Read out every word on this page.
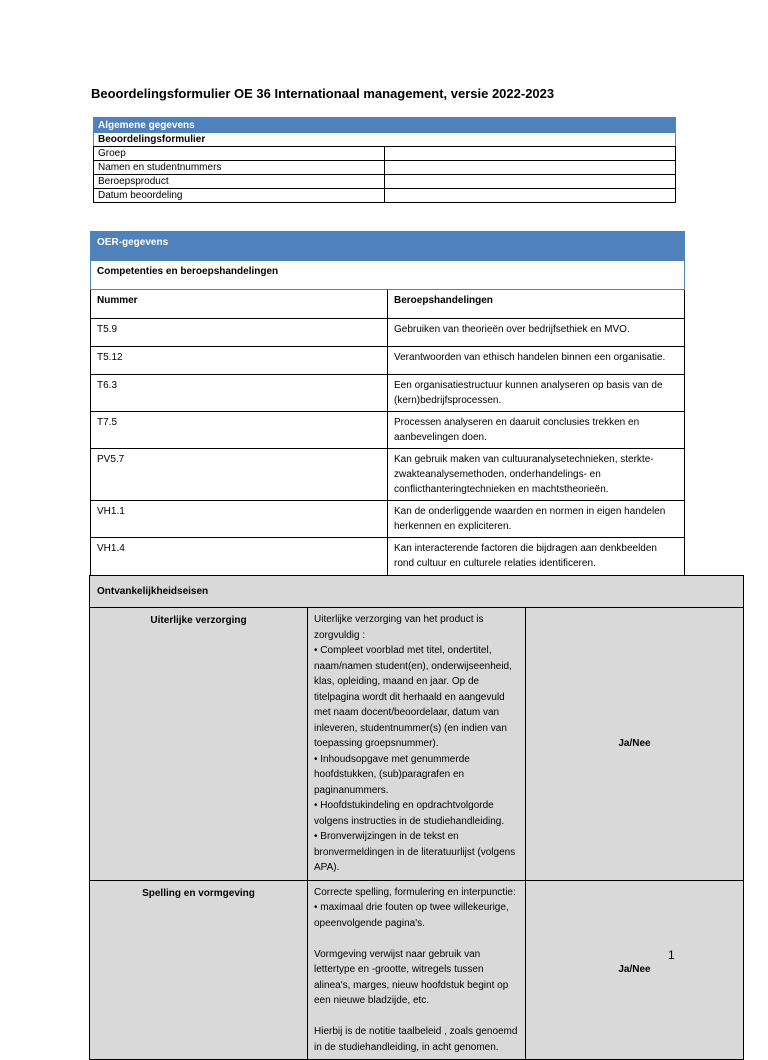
Beoordelingsformulier OE 36 Internationaal management, versie 2022-2023
Algemene gegevens	
Beoordelingsformulier	
Groep	
Namen en studentnummers	
Beroepsproduct	
Datum beoordeling	
OER-gegevens	
Competenties en beroepshandelingen	
Nummer	Beroepshandelingen
T5.9	Gebruiken van theorieën over bedrijfsethiek en MVO.
T5.12	Verantwoorden van ethisch handelen binnen een organisatie.
T6.3	Een organisatiestructuur kunnen analyseren op basis van de (kern)bedrijfsprocessen.
T7.5	Processen analyseren en daaruit conclusies trekken en aanbevelingen doen.
PV5.7	Kan gebruik maken van cultuuranalysetechnieken, sterkte-zwakteanalysemethoden, onderhandelings- en conflicthanteringtechnieken en machtstheorieën.
VH1.1	Kan de onderliggende waarden en normen in eigen handelen herkennen en expliciteren.
VH1.4	Kan interacterende factoren die bijdragen aan denkbeelden rond cultuur en culturele relaties identificeren.
Ontvankelijkheidseisen		
Uiterlijke verzorging	Uiterlijke verzorging van het product is zorgvuldig :

• Compleet voorblad met titel, ondertitel, naam/namen student(en), onderwijseenheid, klas, opleiding, maand en jaar. Op de titelpagina wordt dit herhaald en aangevuld met naam docent/beoordelaar, datum van inleveren, studentnummer(s) (en indien van toepassing groepsnummer).

• Inhoudsopgave met genummerde hoofdstukken, (sub)paragrafen en paginanummers.

• Hoofdstukindeling en opdrachtvolgorde volgens instructies in de studiehandleiding.

• Bronverwijzingen in de tekst en bronvermeldingen in de literatuurlijst (volgens APA).	Ja/Nee
Spelling en vormgeving	Correcte spelling, formulering en interpunctie:

• maximaal drie fouten op twee willekeurige, opeenvolgende pagina's.

Vormgeving verwijst naar gebruik van lettertype en -grootte, witregels tussen alinea's, marges, nieuw hoofdstuk begint op een nieuwe bladzijde, etc.

Hierbij is de notitie taalbeleid , zoals genoemd in de studiehandleiding, in acht genomen.	Ja/Nee
1
